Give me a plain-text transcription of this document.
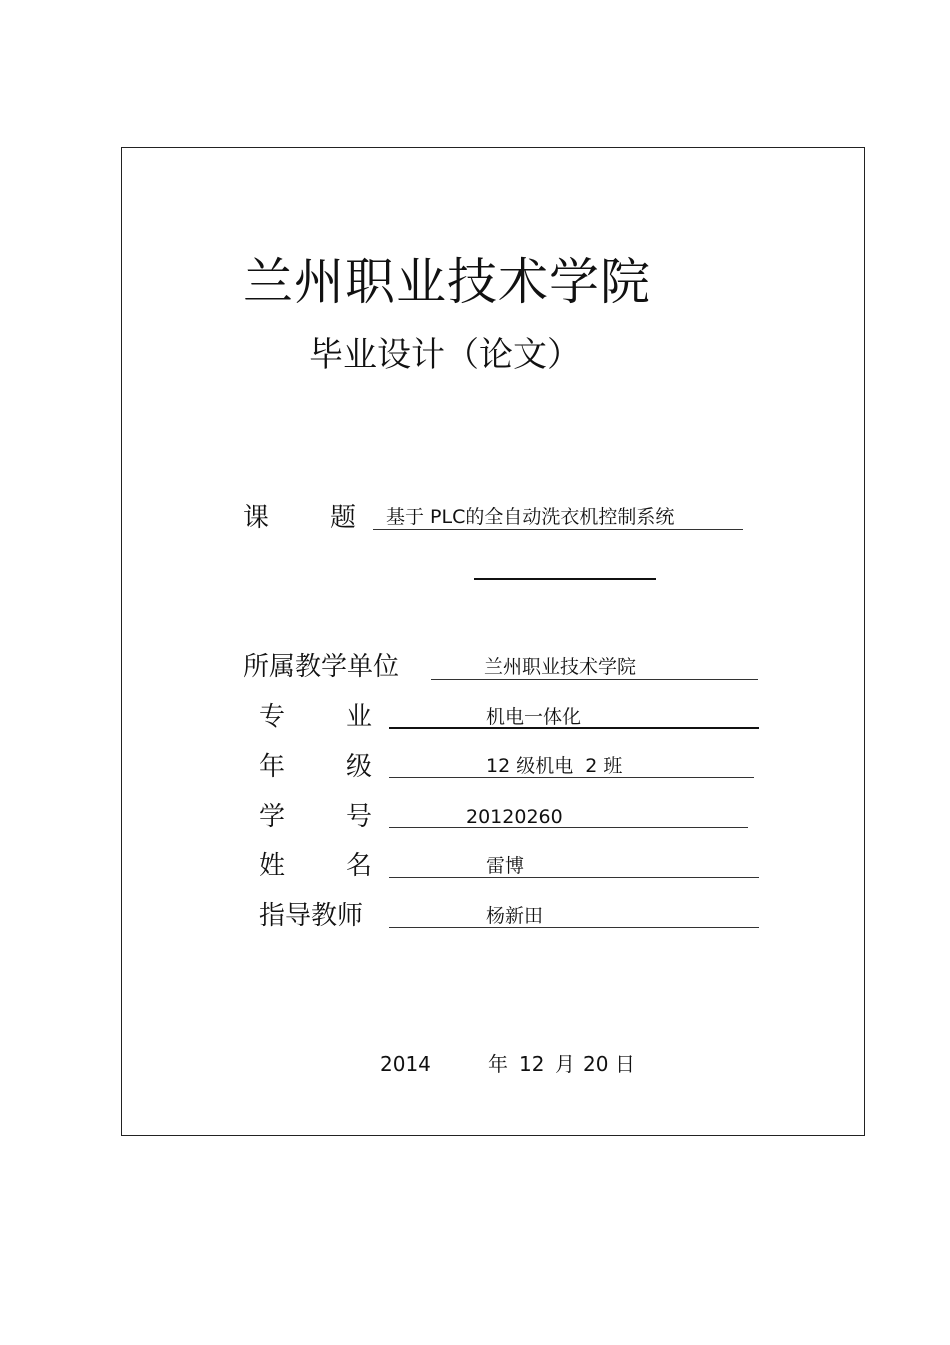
兰州职业技术学院
毕业设计（论文）
课 题 基于 PLC的全自动洗衣机控制系统
所属教学单位	兰州职业技术学院
专 业	机电一体化
年 级	12 级机电  2 班
学 号	20120260
姓 名	雷博
指导教师	杨新田
2014	年 12 月 20 日
